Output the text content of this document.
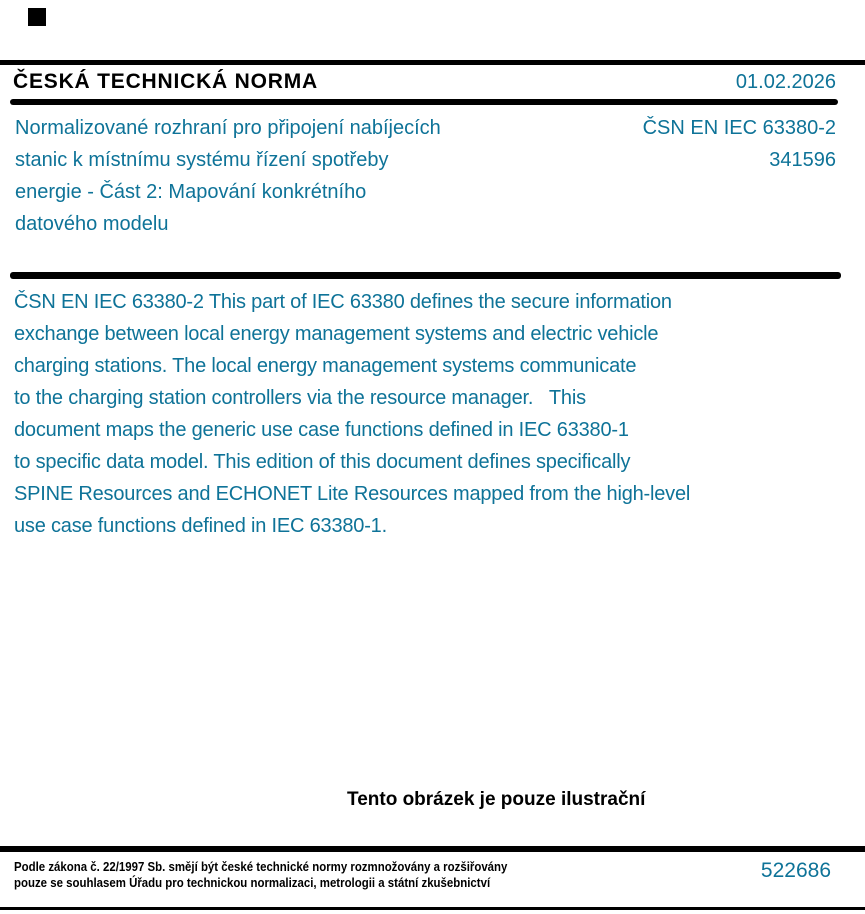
ČESKÁ TECHNICKÁ NORMA	01.02.2026
Normalizované rozhraní pro připojení nabíjecích
stanic k místnímu systému řízení spotřeby
energie - Část 2: Mapování konkrétního
datového modelu
ČSN EN IEC 63380-2
341596
ČSN EN IEC 63380-2 This part of IEC 63380 defines the secure information
exchange between local energy management systems and electric vehicle
charging stations. The local energy management systems communicate
to the charging station controllers via the resource manager.   This
document maps the generic use case functions defined in IEC 63380-1
to specific data model. This edition of this document defines specifically
SPINE Resources and ECHONET Lite Resources mapped from the high-level
use case functions defined in IEC 63380-1.
Tento obrázek je pouze ilustrační
Podle zákona č. 22/1997 Sb. smějí být české technické normy rozmnožovány a rozšiřovány
pouze se souhlasem Úřadu pro technickou normalizaci, metrologii a státní zkušebnictví	522686
